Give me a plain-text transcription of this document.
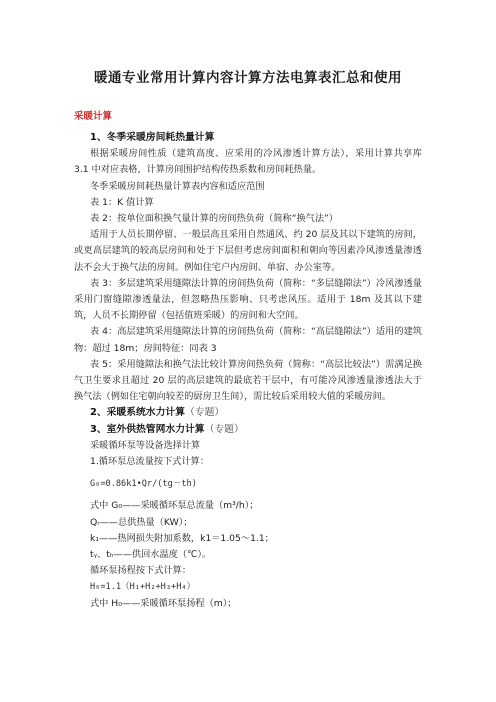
暖通专业常用计算内容计算方法电算表汇总和使用
采暖计算

1、冬季采暖房间耗热量计算

根据采暖房间性质（建筑高度、应采用的冷风渗透计算方法），采用计算共享库 3.1 中对应表格，计算房间围护结构传热系数和房间耗热量。

冬季采暖房间耗热量计算表内容和适应范围

表 1：K 值计算

表 2：按单位面积换气量计算的房间热负荷（简称“换气法”）

适用于人员长期停留、一般层高且采用自然通风、约 20 层及其以下建筑的房间，或更高层建筑的较高层房间和处于下层但考虑房间面积和朝向等因素冷风渗透量渗透法不会大于换气法的房间。例如住宅户内房间、单宿、办公室等。

表 3：多层建筑采用缝隙法计算的房间热负荷（简称：“多层缝隙法”）冷风渗透量采用门窗缝隙渗透量法，但忽略热压影响、只考虑风压。适用于 18m 及其以下建筑，人员不长期停留（包括值班采暖）的房间和大空间。

表 4：高层建筑采用缝隙法计算的房间热负荷（简称：“高层缝隙法”）适用的建筑物：超过 18m；房间特征：同表 3

表 5：采用缝隙法和换气法比较计算房间热负荷（简称：“高层比较法”）需满足换气卫生要求且超过 20 层的高层建筑的最底若干层中，有可能冷风渗透量渗透法大于换气法（例如住宅朝向较差的厨房卫生间），需比较后采用较大值的采暖房间。

2、采暖系统水力计算（专题）

3、室外供热管网水力计算（专题）

采暖循环泵等设备选择计算

1.循环泵总流量按下式计算：

G₀=0.86k1•Qr/(tg－th)

式中 G₀——采暖循环泵总流量（m³/h）；

Qᵣ——总供热量（KW）；

k₁——热网损失附加系数，k1＝1.05～1.1；

tᵧ、tₕ——供回水温度（℃）。

循环泵扬程按下式计算：

H₀=1.1（H₁+H₂+H₃+H₄）

式中 H₀——采暖循环泵扬程（m）；
